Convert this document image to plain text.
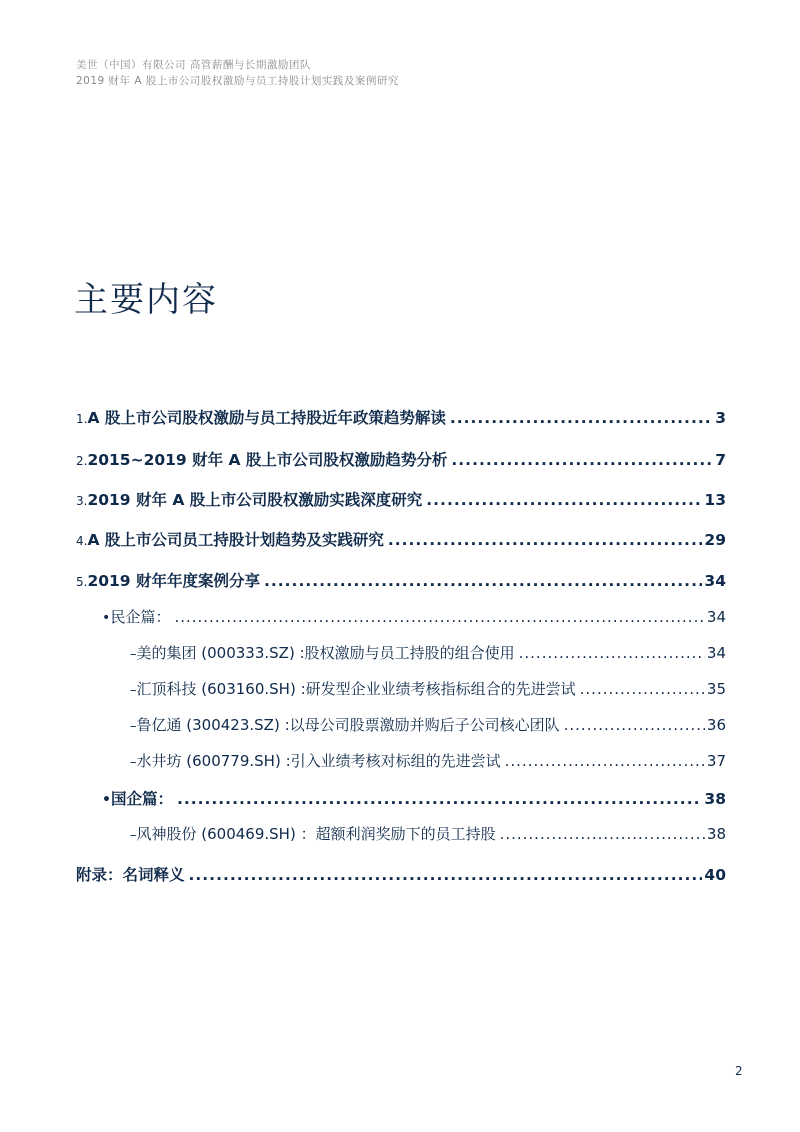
美世（中国）有限公司 高管薪酬与长期激励团队
2019 财年 A 股上市公司股权激励与员工持股计划实践及案例研究
主要内容
1. A 股上市公司股权激励与员工持股近年政策趋势解读 .....	3
2. 2015~2019 财年 A 股上市公司股权激励趋势分析 .....	7
3. 2019 财年 A 股上市公司股权激励实践深度研究 .....	13
4. A 股上市公司员工持股计划趋势及实践研究 .....	29
5. 2019 财年年度案例分享 .....	34
• 民企篇： .....	34
– 美的集团 (000333.SZ) :股权激励与员工持股的组合使用 .....	34
– 汇顶科技 (603160.SH) :研发型企业业绩考核指标组合的先进尝试 .....	35
– 鲁亿通 (300423.SZ) :以母公司股票激励并购后子公司核心团队 .....	36
– 水井坊 (600779.SH) :引入业绩考核对标组的先进尝试 .....	37
• 国企篇： .....	38
– 风神股份 (600469.SH) ：超额利润奖励下的员工持股 .....	38
附录：名词释义 .....	40
2
